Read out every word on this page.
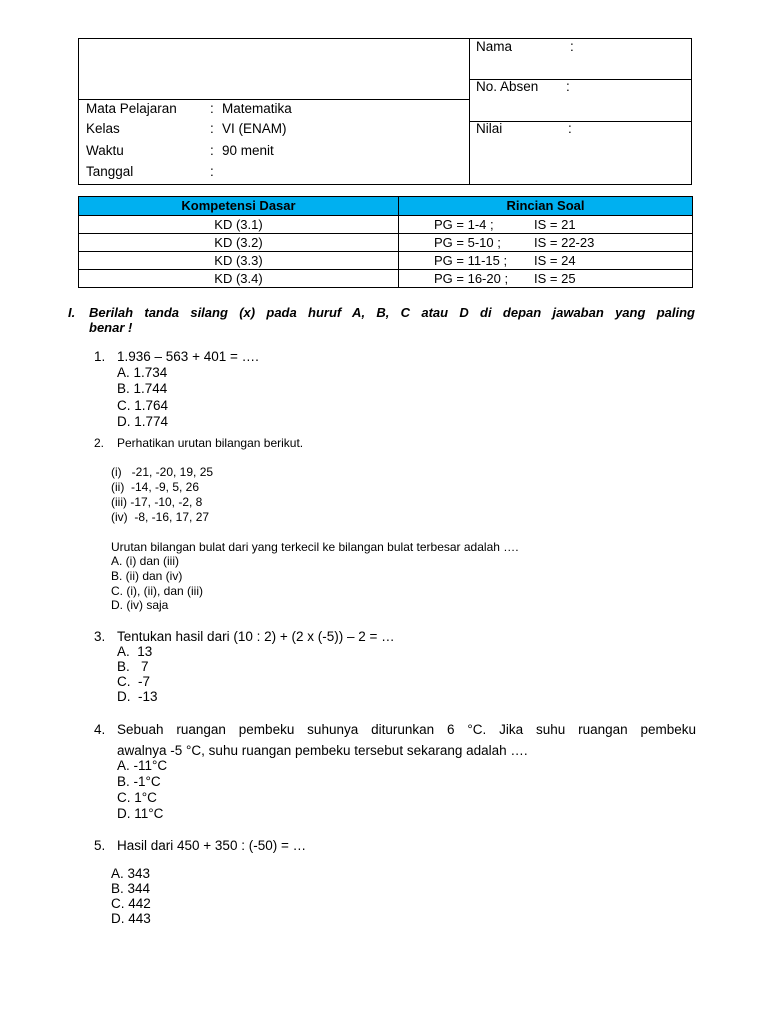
Mata Pelajaran : Matematika
Kelas	: VI (ENAM)
Waktu	: 90 menit
Tanggal	:
Nama	:
No. Absen :
Nilai	:
Kompetensi Dasar	Rincian Soal
KD (3.1)	PG = 1-4 ; IS = 21
KD (3.2)	PG = 5-10 ; IS = 22-23
KD (3.3)	PG = 11-15 ; IS = 24
KD (3.4)	PG = 16-20 ; IS = 25
I. Berilah tanda silang (x) pada huruf A, B, C atau D di depan jawaban yang paling
benar !
1. 1.936 – 563 + 401 = ….
A. 1.734
B. 1.744
C. 1.764
D. 1.774
2. Perhatikan urutan bilangan berikut.
(i)   -21, -20, 19, 25
(ii)  -14, -9, 5, 26
(iii) -17, -10, -2, 8
(iv)  -8, -16, 17, 27
Urutan bilangan bulat dari yang terkecil ke bilangan bulat terbesar adalah ….
A. (i) dan (iii)
B. (ii) dan (iv)
C. (i), (ii), dan (iii)
D. (iv) saja
3. Tentukan hasil dari (10 : 2) + (2 x (-5)) – 2 = …
A.  13
B.   7
C.  -7
D.  -13
4. Sebuah ruangan pembeku suhunya diturunkan 6 °C. Jika suhu ruangan pembeku
awalnya -5 °C, suhu ruangan pembeku tersebut sekarang adalah ….
A. -11°C
B. -1°C
C. 1°C
D. 11°C
5. Hasil dari 450 + 350 : (-50) = …
A. 343
B. 344
C. 442
D. 443
